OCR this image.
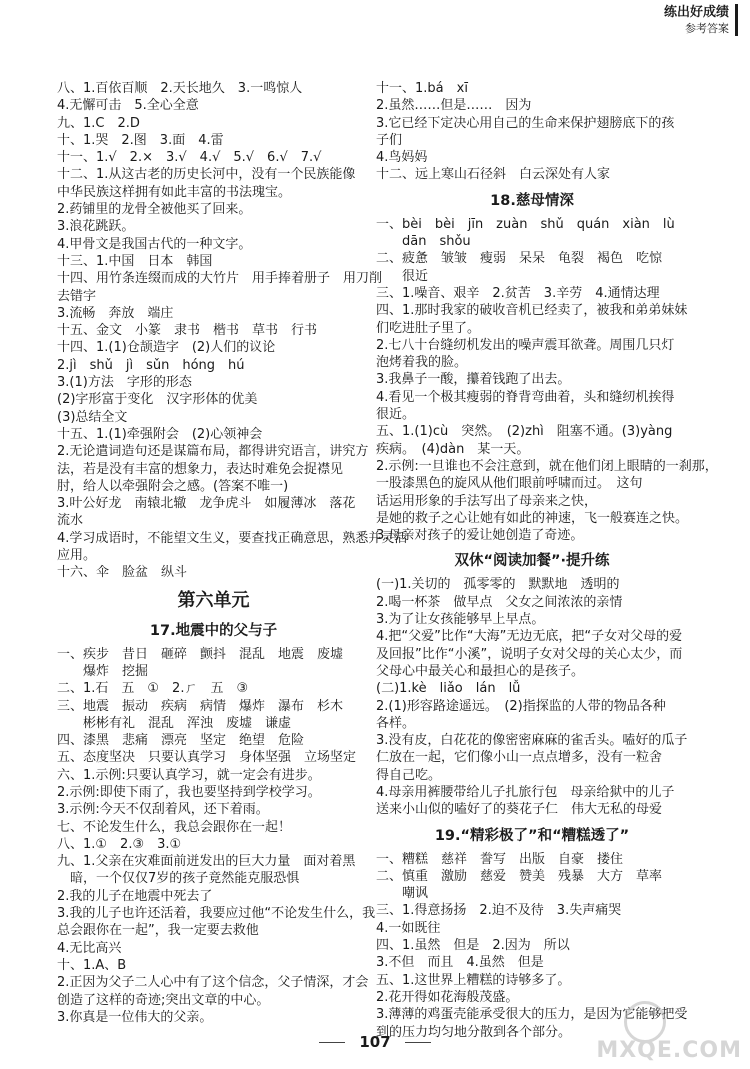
练出好成绩
参考答案
八、1.百依百顺　2.天长地久　3.一鸣惊人
4.无懈可击　5.全心全意
九、1.C　2.D
十、1.哭　2.图　3.面　4.雷
十一、1.√　2.×　3.√　4.√　5.√　6.√　7.√
十二、1.从这古老的历史长河中，没有一个民族能像
中华民族这样拥有如此丰富的书法瑰宝。
2.药铺里的龙骨全被他买了回来。
3.浪花跳跃。
4.甲骨文是我国古代的一种文字。
十三、1.中国　日本　韩国
十四、用竹条连缀而成的大竹片　用手捧着册子　用刀削
去错字
3.流畅　奔放　端庄
十五、金文　小篆　隶书　楷书　草书　行书
十四、1.(1)仓颉造字　(2)人们的议论
2.jì　shǔ　jì　sǔn　hóng　hú
3.(1)方法　字形的形态
(2)字形富于变化　汉字形体的优美
(3)总结全文
十五、1.(1)牵强附会　(2)心领神会
2.无论遣词造句还是谋篇布局，都得讲究语言，讲究方
法，若是没有丰富的想象力，表达时难免会捉襟见
肘，给人以牵强附会之感。(答案不唯一)
3.叶公好龙　南辕北辙　龙争虎斗　如履薄冰　落花
流水
4.学习成语时，不能望文生义，要查找正确意思，熟悉并灵活
应用。
十六、伞　脸盆　纵斗
第六单元
17.地震中的父与子
一、疾步　昔日　砸碎　颤抖　混乱　地震　废墟
　　爆炸　挖掘
二、1.石　五　①　2.ㄏ　五　③
三、地震　振动　疾病　病情　爆炸　瀑布　杉木
　　彬彬有礼　混乱　浑浊　废墟　谦虚
四、漆黑　悲痛　漂亮　坚定　绝望　危险
五、态度坚决　只要认真学习　身体坚强　立场坚定
六、1.示例:只要认真学习，就一定会有进步。
2.示例:即使下雨了，我也要坚持到学校学习。
3.示例:今天不仅刮着风，还下着雨。
七、不论发生什么，我总会跟你在一起！
八、1.①　2.③　3.①
九、1.父亲在灾难面前迸发出的巨大力量　面对着黑
　暗，一个仅仅7岁的孩子竟然能克服恐惧
2.我的儿子在地震中死去了
3.我的儿子也许还活着，我要应过他“不论发生什么，我
总会跟你在一起”，我一定要去救他
4.无比高兴
十、1.A、B
2.正因为父子二人心中有了这个信念，父子情深，才会
创造了这样的奇迹;突出文章的中心。
3.你真是一位伟大的父亲。
十一、1.bá　xī
2.虽然……但是……　因为
3.它已经下定决心用自己的生命来保护翅膀底下的孩
子们
4.鸟妈妈
十二、远上寒山石径斜　白云深处有人家
18.慈母情深
一、bèi　bèi　jīn　zuàn　shǔ　quán　xiàn　lù
　　dān　shǒu
二、疲惫　皱皱　瘦弱　呆呆　龟裂　褐色　吃惊
　　很近
三、1.噪音、艰辛　2.贫苦　3.辛劳　4.通情达理
四、1.那时我家的破收音机已经卖了，被我和弟弟妹妹
们吃进肚子里了。
2.七八十台缝纫机发出的噪声震耳欲聋。周围几只灯
泡烤着我的脸。
3.我鼻子一酸，攥着钱跑了出去。
4.看见一个极其瘦弱的脊背弯曲着，头和缝纫机挨得
很近。
五、1.(1)cù　突然。　(2)zhì　阻塞不通。(3)yàng
疾病。　(4)dàn　某一天。
2.示例:一旦谁也不会注意到，就在他们闭上眼睛的一刹那，
一股漆黑色的旋风从他们眼前呼啸而过。　这句
话运用形象的手法写出了母亲来之快，
是她的救子之心让她有如此的神速，飞一般赛连之快。
3.母亲对孩子的爱让她创造了奇迹。
双休“阅读加餐”·提升练
(一)1.关切的　孤零零的　默默地　透明的
2.喝一杯茶　做早点　父女之间浓浓的亲情
3.为了让女孩能够早上早点。
4.把“父爱”比作“大海”无边无底，把“子女对父母的爱
及回报”比作“小溪”，说明子女对父母的关心太少，而
父母心中最关心和最担心的是孩子。
(二)1.kè　liǎo　lán　lǚ
2.(1)形容路途遥远。　(2)指探监的人带的物品各种
各样。
3.没有皮，白花花的像密密麻麻的雀舌头。嗑好的瓜子
仁放在一起，它们像小山一点点增多，没有一粒舍
得自己吃。
4.母亲用裤腰带给儿子扎旅行包　母亲给狱中的儿子
送来小山似的嗑好了的葵花子仁　伟大无私的母爱
19.“精彩极了”和“糟糕透了”
一、糟糕　慈祥　誊写　出版　自豪　搂住
二、慎重　激励　慈爱　赞美　残暴　大方　草率
　　嘲讽
三、1.得意扬扬　2.迫不及待　3.失声痛哭
4.一如既往
四、1.虽然　但是　2.因为　所以
3.不但　而且　4.虽然　但是
五、1.这世界上糟糕的诗够多了。
2.花开得如花海般茂盛。
3.薄薄的鸡蛋壳能承受很大的压力，是因为它能够把受
到的压力均匀地分散到各个部分。
107	MXQE.COM
